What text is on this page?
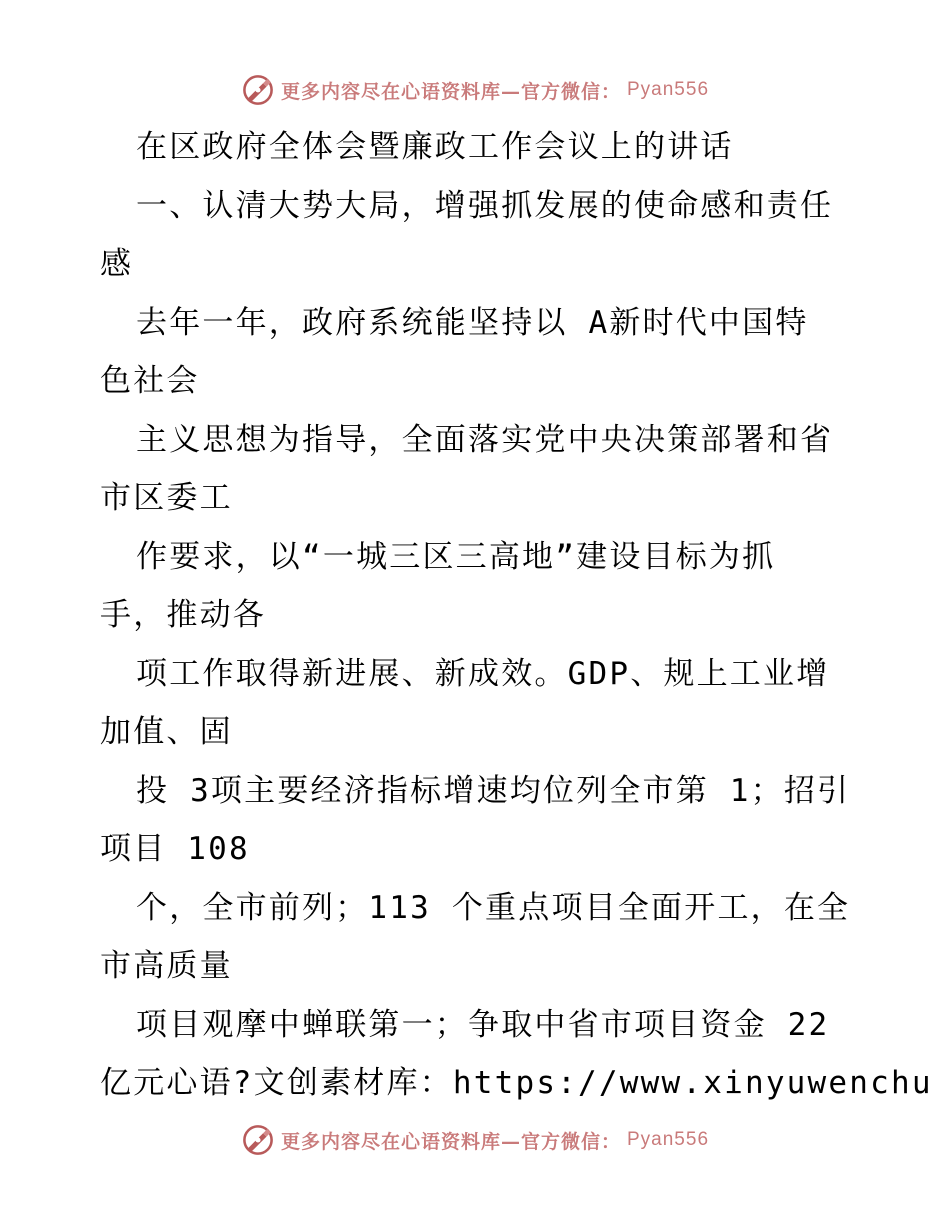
更多内容尽在心语资料库—官方微信： Pyan556
在区政府全体会暨廉政工作会议上的讲话
一、认清大势大局，增强抓发展的使命感和责任
感
去年一年，政府系统能坚持以 A新时代中国特
色社会
主义思想为指导，全面落实党中央决策部署和省
市区委工
作要求，以“一城三区三高地”建设目标为抓
手，推动各
项工作取得新进展、新成效。GDP、规上工业增
加值、固
投 3项主要经济指标增速均位列全市第 1；招引
项目 108
个，全市前列；113 个重点项目全面开工，在全
市高质量
项目观摩中蝉联第一；争取中省市项目资金 22
亿元心语?文创素材库：https://www.xinyuwenchu
更多内容尽在心语资料库—官方微信： Pyan556
